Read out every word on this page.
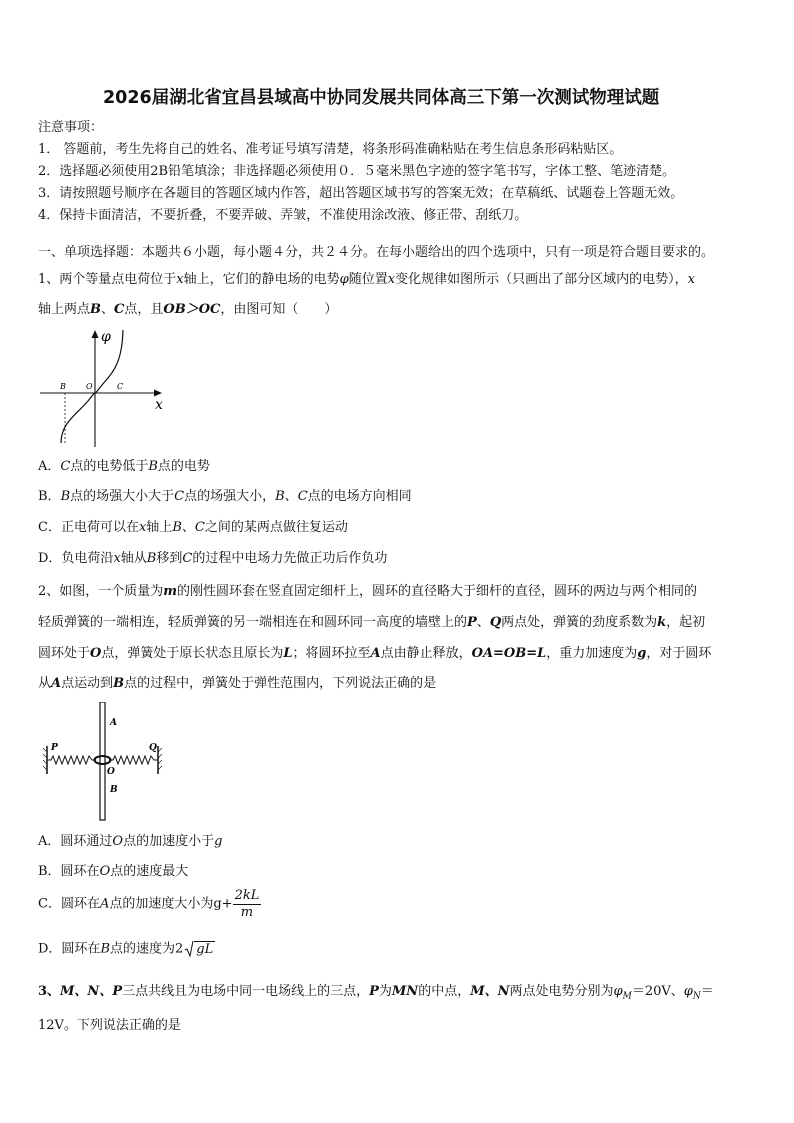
2026届湖北省宜昌县域高中协同发展共同体高三下第一次测试物理试题
注意事项：
1． 答题前，考生先将自己的姓名、准考证号填写清楚，将条形码准确粘贴在考生信息条形码粘贴区。
2．选择题必须使用2B铅笔填涂；非选择题必须使用０．５毫米黑色字迹的签字笔书写，字体工整、笔迹清楚。
3．请按照题号顺序在各题目的答题区域内作答，超出答题区域书写的答案无效；在草稿纸、试题卷上答题无效。
4．保持卡面清洁，不要折叠，不要弄破、弄皱，不准使用涂改液、修正带、刮纸刀。
一、单项选择题：本题共６小题，每小题４分，共２４分。在每小题给出的四个选项中，只有一项是符合题目要求的。
1、两个等量点电荷位于x轴上，它们的静电场的电势φ随位置x变化规律如图所示（只画出了部分区域内的电势），x
轴上两点B、C点，且OB＞OC，由图可知（　　）
φ
x
B	O	C
A．C点的电势低于B点的电势
B．B点的场强大小大于C点的场强大小，B、C点的电场方向相同
C．正电荷可以在x轴上B、C之间的某两点做往复运动
D．负电荷沿x轴从B移到C的过程中电场力先做正功后作负功
2、如图，一个质量为m的刚性圆环套在竖直固定细杆上，圆环的直径略大于细杆的直径，圆环的两边与两个相同的
轻质弹簧的一端相连，轻质弹簧的另一端相连在和圆环同一高度的墙壁上的P、Q两点处，弹簧的劲度系数为k，起初
圆环处于O点，弹簧处于原长状态且原长为L；将圆环拉至A点由静止释放，OA=OB=L，重力加速度为g，对于圆环
从A点运动到B点的过程中，弹簧处于弹性范围内，下列说法正确的是
A
P	Q
O
B
A．圆环通过O点的加速度小于g
B．圆环在O点的速度最大
C．圆环在A点的加速度大小为$g+ \frac{2kL}{m}$
D．圆环在B点的速度为2 gL
3、M、N、P三点共线且为电场中同一电场线上的三点，P为MN的中点，M、N两点处电势分别为$\varphi_M=20V$、$\varphi_N=$
12V。下列说法正确的是
